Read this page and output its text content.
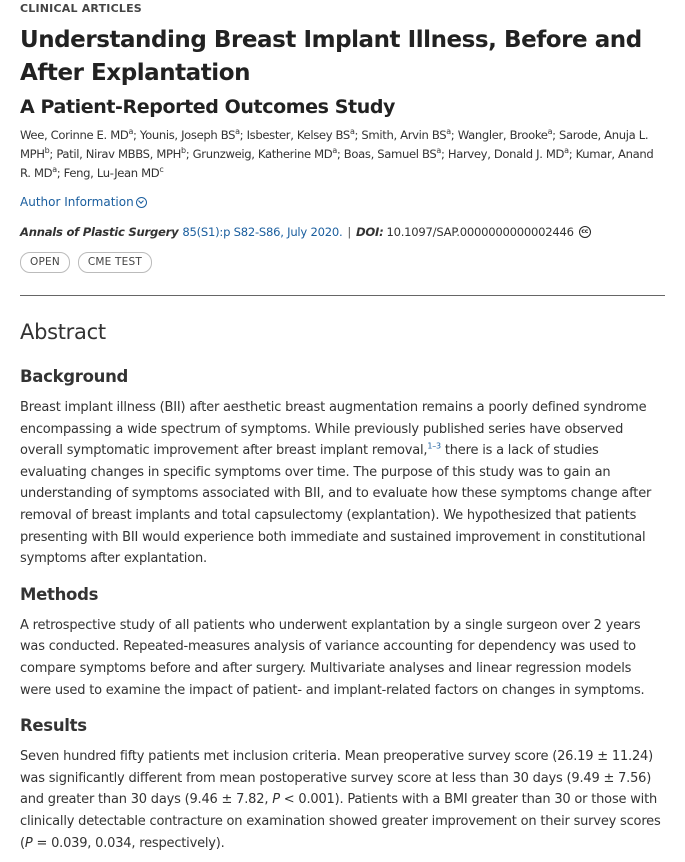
CLINICAL ARTICLES
Understanding Breast Implant Illness, Before and After Explantation
A Patient-Reported Outcomes Study
Wee, Corinne E. $MD^a$; Younis, Joseph $BS^a$; Isbester, Kelsey $BS^a$; Smith, Arvin $BS^a$; Wangler, Brooke$^a$; Sarode, Anuja L. MPH$^b$; Patil, Nirav MBBS, MPH$^b$; Grunzweig, Katherine $MD^a$; Boas, Samuel $BS^a$; Harvey, Donald J. $MD^a$; Kumar, Anand R. $MD^a$; Feng, Lu-Jean $MD^c$
Author Information
Annals of Plastic Surgery 85(S1):p S82-S86, July 2020. | DOI: 10.1097/SAP.0000000000002446	cc
OPEN	CME TEST
Abstract
Background

Breast implant illness (BII) after aesthetic breast augmentation remains a poorly defined syndrome encompassing a wide spectrum of symptoms. While previously published series have observed overall symptomatic improvement after breast implant removal,$^{1-3}$ there is a lack of studies evaluating changes in specific symptoms over time. The purpose of this study was to gain an understanding of symptoms associated with BII, and to evaluate how these symptoms change after removal of breast implants and total capsulectomy (explantation). We hypothesized that patients presenting with BII would experience both immediate and sustained improvement in constitutional symptoms after explantation.

Methods

A retrospective study of all patients who underwent explantation by a single surgeon over 2 years was conducted. Repeated-measures analysis of variance accounting for dependency was used to compare symptoms before and after surgery. Multivariate analyses and linear regression models were used to examine the impact of patient- and implant-related factors on changes in symptoms.

Results

Seven hundred fifty patients met inclusion criteria. Mean preoperative survey score (26.19 ± 11.24) was significantly different from mean postoperative survey score at less than 30 days (9.49 ± 7.56) and greater than 30 days (9.46 ± 7.82, P < 0.001). Patients with a BMI greater than 30 or those with clinically detectable contracture on examination showed greater improvement on their survey scores (P = 0.039, 0.034, respectively).
